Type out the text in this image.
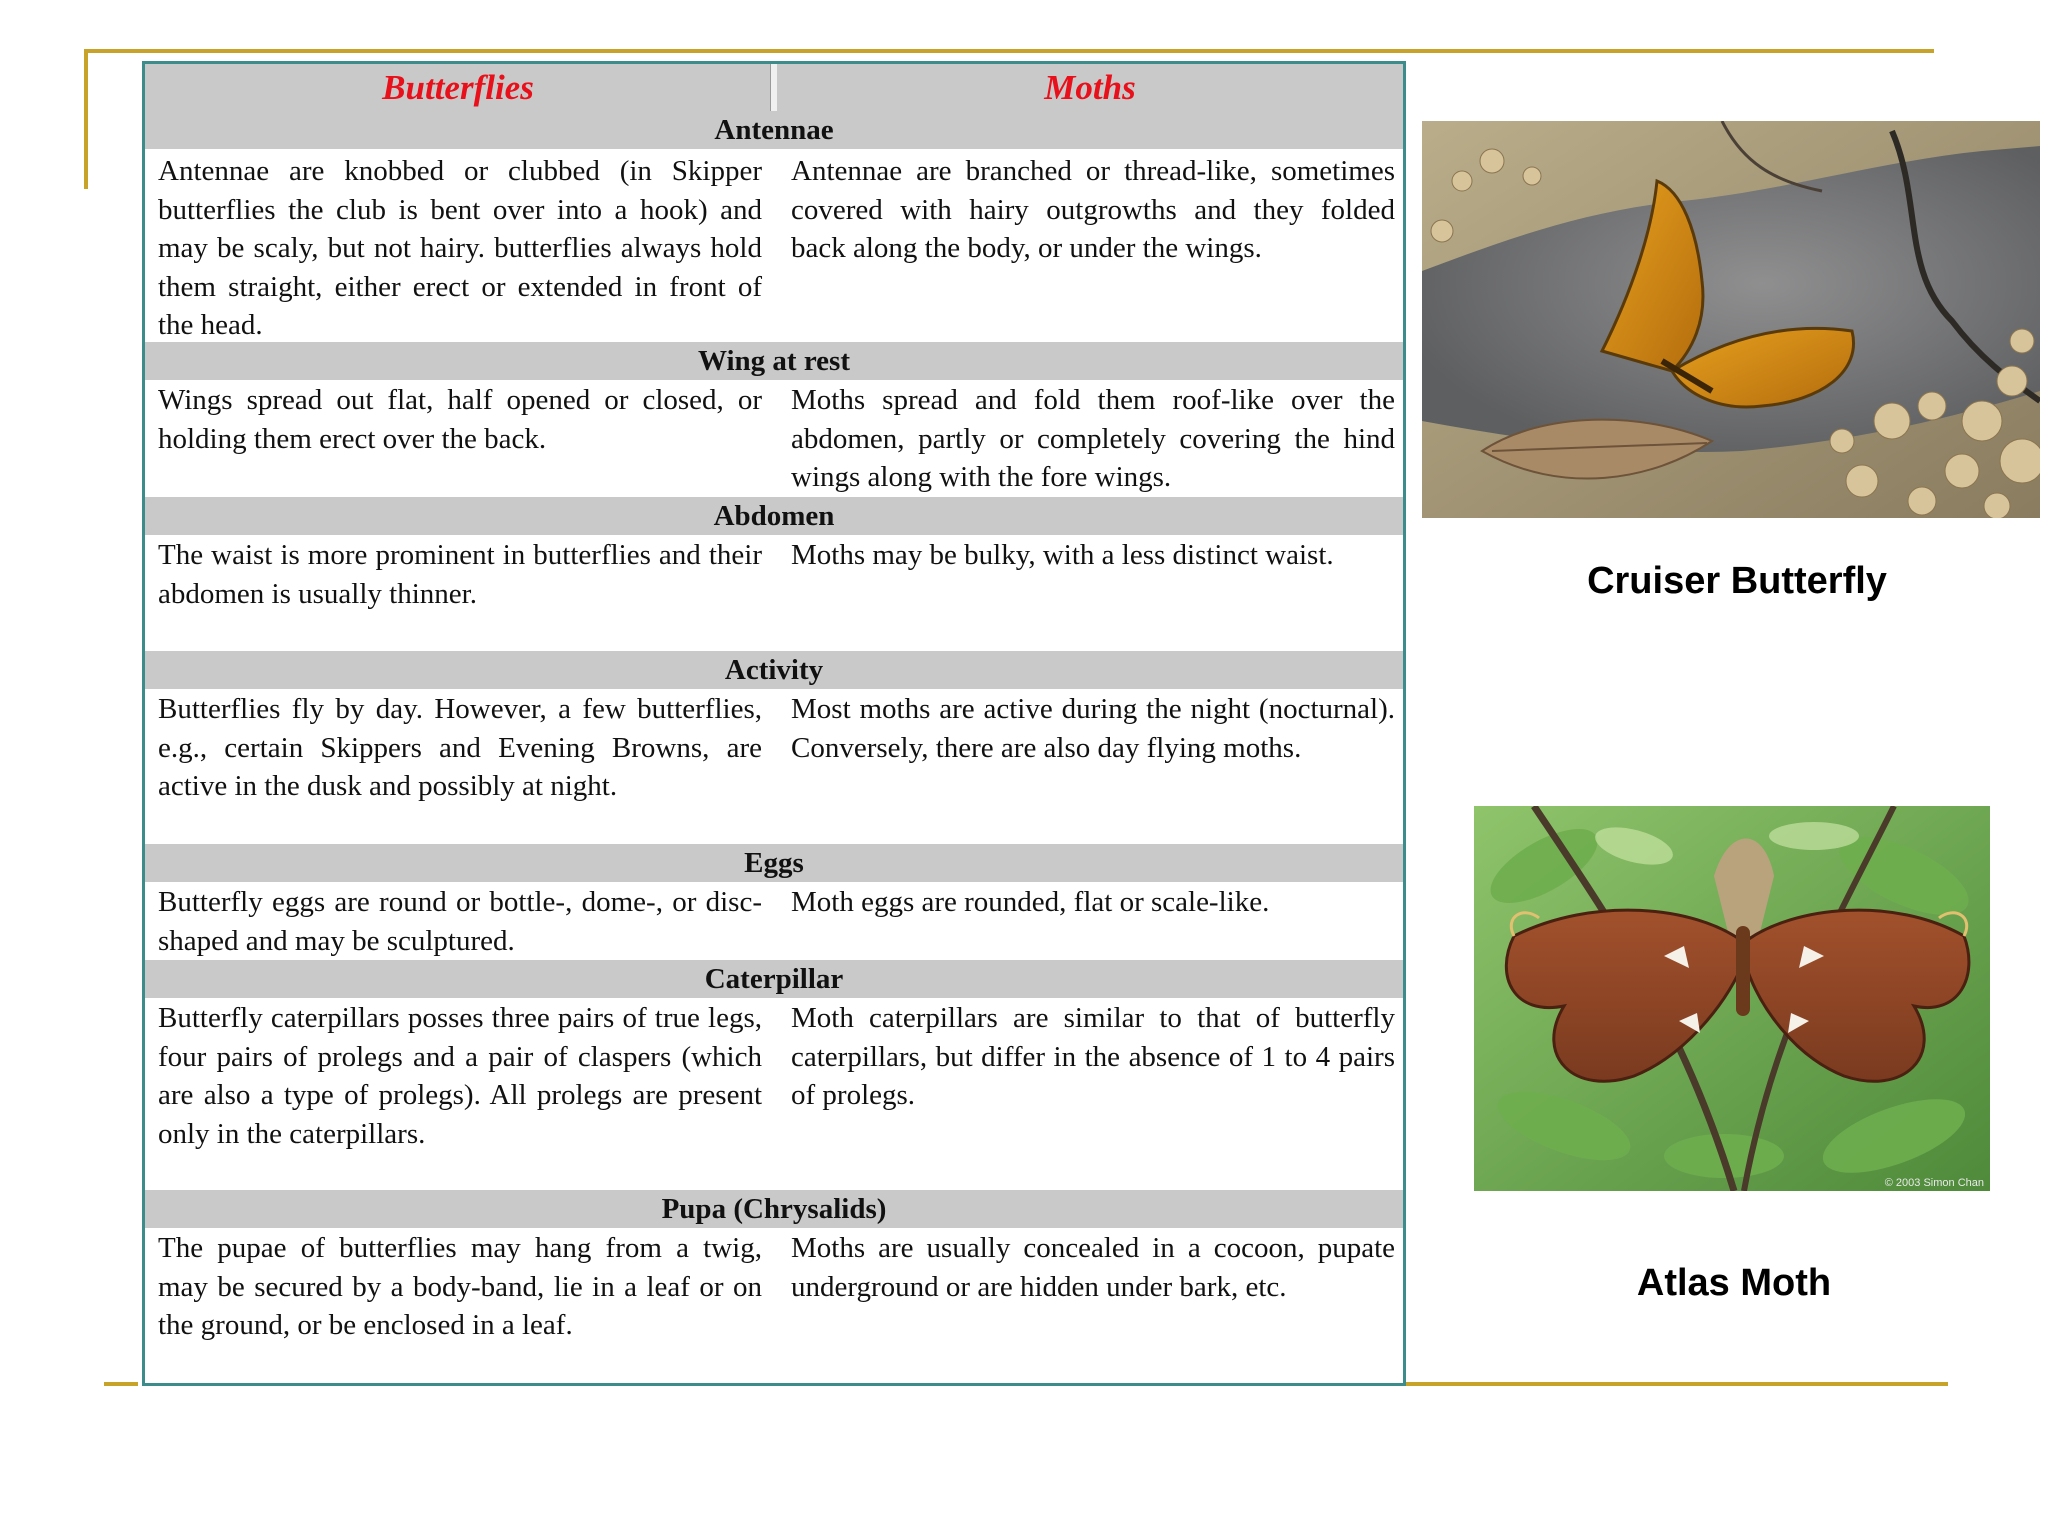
Butterflies	Moths
Antennae
Antennae are knobbed or clubbed (in Skipper butterflies the club is bent over into a hook) and may be scaly, but not hairy. butterflies always hold them straight, either erect or extended in front of the head.
Antennae are branched or thread-like, sometimes covered with hairy outgrowths and they folded back along the body, or under the wings.
Wing at rest
Wings spread out flat, half opened or closed, or holding them erect over the back.
Moths spread and fold them roof-like over the abdomen, partly or completely covering the hind wings along with the fore wings.
Abdomen
The waist is more prominent in butterflies and their abdomen is usually thinner.
Moths may be bulky, with a less distinct waist.
Activity
Butterflies fly by day. However, a few butterflies, e.g., certain Skippers and Evening Browns, are active in the dusk and possibly at night.
Most moths are active during the night (nocturnal). Conversely, there are also day flying moths.
Eggs
Butterfly eggs are round or bottle-, dome-, or disc-shaped and may be sculptured.
Moth eggs are rounded, flat or scale-like.
Caterpillar
Butterfly caterpillars posses three pairs of true legs, four pairs of prolegs and a pair of claspers (which are also a type of prolegs). All prolegs are present only in the caterpillars.
Moth caterpillars are similar to that of butterfly caterpillars, but differ in the absence of 1 to 4 pairs of prolegs.
Pupa (Chrysalids)
The pupae of butterflies may hang from a twig, may be secured by a body-band, lie in a leaf or on the ground, or be enclosed in a leaf.
Moths are usually concealed in a cocoon, pupate underground or are hidden under bark, etc.
Cruiser Butterfly
© 2003 Simon Chan
Atlas Moth
